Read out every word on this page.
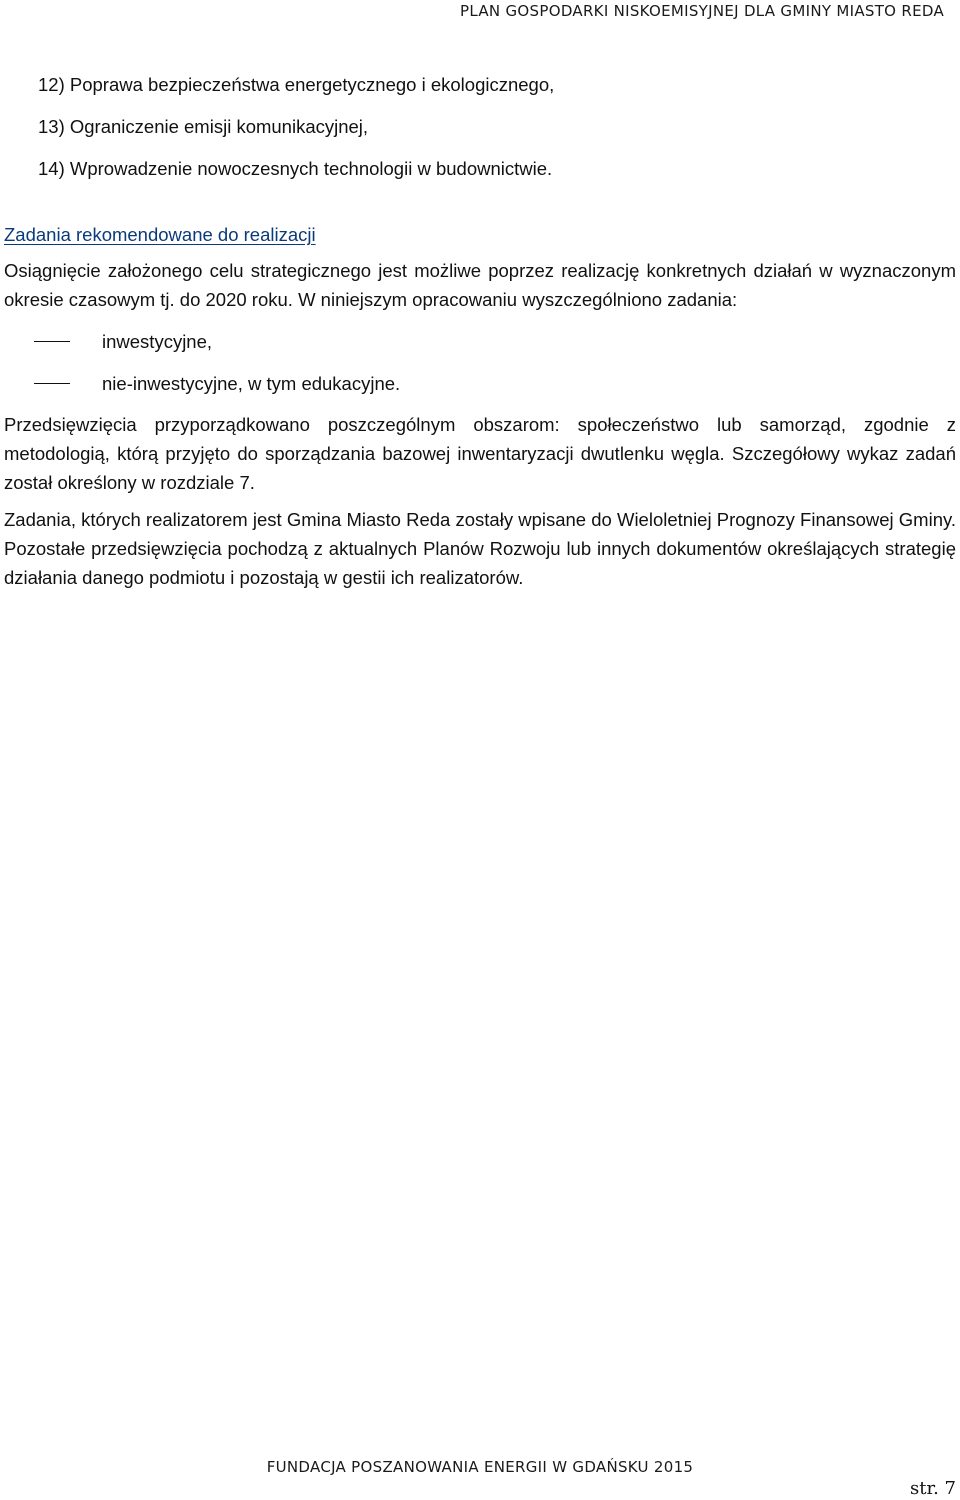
PLAN GOSPODARKI NISKOEMISYJNEJ DLA GMINY MIASTO REDA

12) Poprawa bezpieczeństwa energetycznego i ekologicznego,

13) Ograniczenie emisji komunikacyjnej,

14) Wprowadzenie nowoczesnych technologii w budownictwie.

Zadania rekomendowane do realizacji

Osiągnięcie założonego celu strategicznego jest możliwe poprzez realizację konkretnych działań w wyznaczonym okresie czasowym tj. do 2020 roku. W niniejszym opracowaniu wyszczególniono zadania:

inwestycyjne,
nie-inwestycyjne, w tym edukacyjne.

Przedsięwzięcia przyporządkowano poszczególnym obszarom: społeczeństwo lub samorząd, zgodnie z metodologią, którą przyjęto do sporządzania bazowej inwentaryzacji dwutlenku węgla. Szczegółowy wykaz zadań został określony w rozdziale 7.

Zadania, których realizatorem jest Gmina Miasto Reda zostały wpisane do Wieloletniej Prognozy Finansowej Gminy. Pozostałe przedsięwzięcia pochodzą z aktualnych Planów Rozwoju lub innych dokumentów określających strategię działania danego podmiotu i pozostają w gestii ich realizatorów.

FUNDACJA POSZANOWANIA ENERGII W GDAŃSKU 2015
str. 7
